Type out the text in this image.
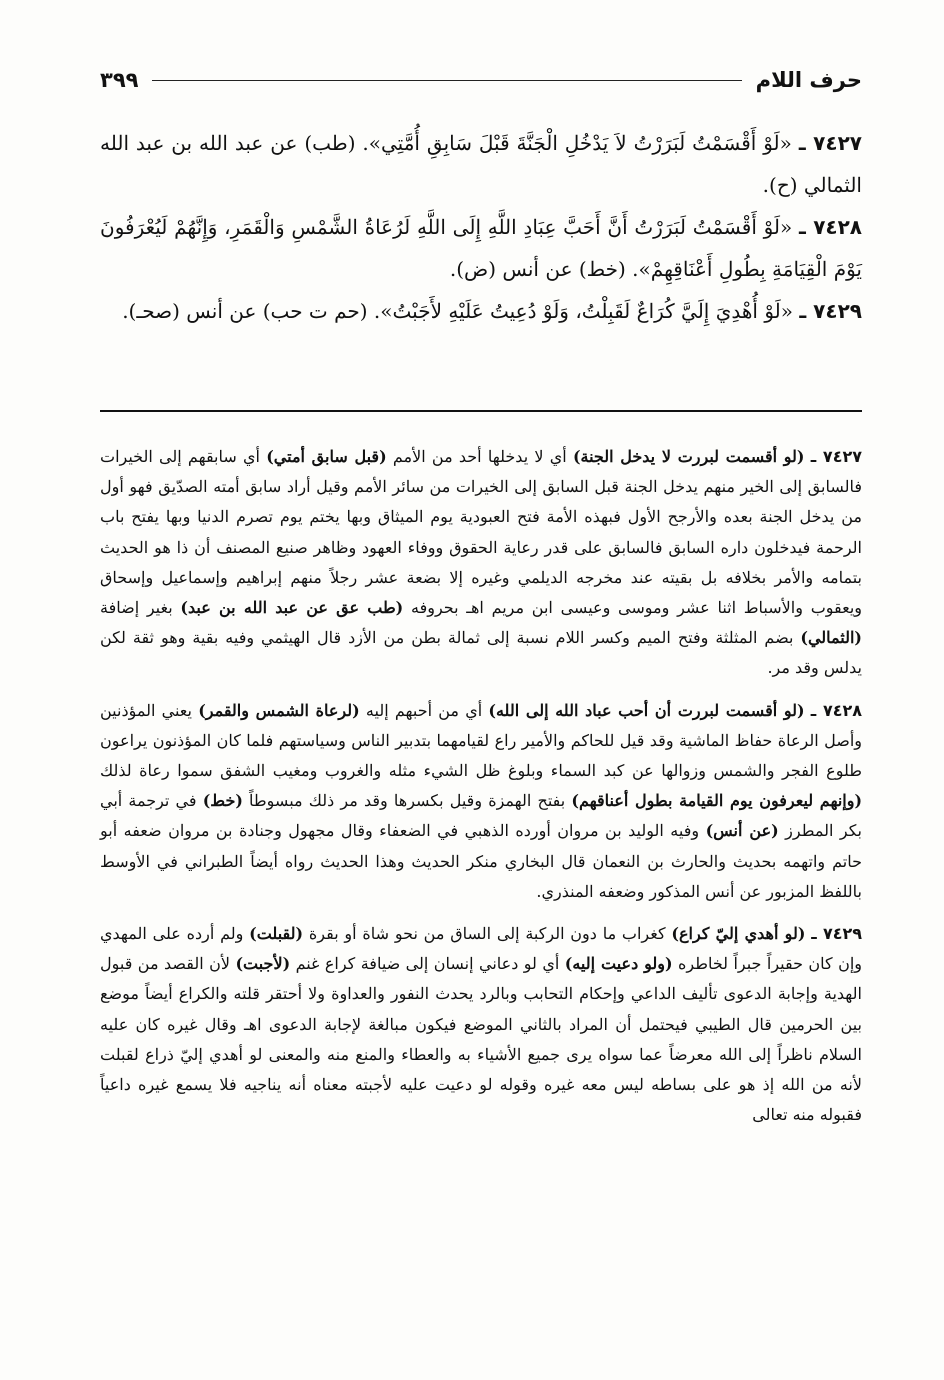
حرف اللام
٣٩٩

٧٤٢٧ ـ «لَوْ أَقْسَمْتُ لَبَرَرْتُ لاَ يَدْخُلِ الْجَنَّةَ قَبْلَ سَابِقِ أُمَّتِي». (طب) عن عبد الله بن عبد الله الثمالي (ح).

٧٤٢٨ ـ «لَوْ أَقْسَمْتُ لَبَرَرْتُ أَنَّ أَحَبَّ عِبَادِ اللَّهِ إِلَى اللَّهِ لَرُعَاةُ الشَّمْسِ وَالْقَمَرِ، وَإِنَّهُمْ لَيُعْرَفُونَ يَوْمَ الْقِيَامَةِ بِطُولِ أَعْنَاقِهِمْ». (خط) عن أنس (ض).

٧٤٢٩ ـ «لَوْ أُهْدِيَ إِلَيَّ كُرَاعٌ لَقَبِلْتُ، وَلَوْ دُعِيتُ عَلَيْهِ لأَجَبْتُ». (حم ت حب) عن أنس (صحـ).

٧٤٢٧ ـ (لو أقسمت لبررت لا يدخل الجنة) أي لا يدخلها أحد من الأمم (قبل سابق أمتي) أي سابقهم إلى الخيرات فالسابق إلى الخير منهم يدخل الجنة قبل السابق إلى الخيرات من سائر الأمم وقيل أراد سابق أمته الصدّيق فهو أول من يدخل الجنة بعده والأرجح الأول فبهذه الأمة فتح العبودية يوم الميثاق وبها يختم يوم تصرم الدنيا وبها يفتح باب الرحمة فيدخلون داره السابق فالسابق على قدر رعاية الحقوق ووفاء العهود وظاهر صنيع المصنف أن ذا هو الحديث بتمامه والأمر بخلافه بل بقيته عند مخرجه الديلمي وغيره إلا بضعة عشر رجلاً منهم إبراهيم وإسماعيل وإسحاق ويعقوب والأسباط اثنا عشر وموسى وعيسى ابن مريم اهـ بحروفه (طب عق عن عبد الله بن عبد) بغير إضافة (الثمالي) بضم المثلثة وفتح الميم وكسر اللام نسبة إلى ثمالة بطن من الأزد قال الهيثمي وفيه بقية وهو ثقة لكن يدلس وقد مر.

٧٤٢٨ ـ (لو أقسمت لبررت أن أحب عباد الله إلى الله) أي من أحبهم إليه (لرعاة الشمس والقمر) يعني المؤذنين وأصل الرعاة حفاظ الماشية وقد قيل للحاكم والأمير راع لقيامهما بتدبير الناس وسياستهم فلما كان المؤذنون يراعون طلوع الفجر والشمس وزوالها عن كبد السماء وبلوغ ظل الشيء مثله والغروب ومغيب الشفق سموا رعاة لذلك (وإنهم ليعرفون يوم القيامة بطول أعناقهم) بفتح الهمزة وقيل بكسرها وقد مر ذلك مبسوطاً (خط) في ترجمة أبي بكر المطرز (عن أنس) وفيه الوليد بن مروان أورده الذهبي في الضعفاء وقال مجهول وجنادة بن مروان ضعفه أبو حاتم واتهمه بحديث والحارث بن النعمان قال البخاري منكر الحديث وهذا الحديث رواه أيضاً الطبراني في الأوسط باللفظ المزبور عن أنس المذكور وضعفه المنذري.

٧٤٢٩ ـ (لو أهدي إليّ كراع) كغراب ما دون الركبة إلى الساق من نحو شاة أو بقرة (لقبلت) ولم أرده على المهدي وإن كان حقيراً جبراً لخاطره (ولو دعيت إليه) أي لو دعاني إنسان إلى ضيافة كراع غنم (لأجبت) لأن القصد من قبول الهدية وإجابة الدعوى تأليف الداعي وإحكام التحابب وبالرد يحدث النفور والعداوة ولا أحتقر قلته والكراع أيضاً موضع بين الحرمين قال الطيبي فيحتمل أن المراد بالثاني الموضع فيكون مبالغة لإجابة الدعوى اهـ وقال غيره كان عليه السلام ناظراً إلى الله معرضاً عما سواه يرى جميع الأشياء به والعطاء والمنع منه والمعنى لو أهدي إليّ ذراع لقبلت لأنه من الله إذ هو على بساطه ليس معه غيره وقوله لو دعيت عليه لأجبته معناه أنه يناجيه فلا يسمع غيره داعياً فقبوله منه تعالى
